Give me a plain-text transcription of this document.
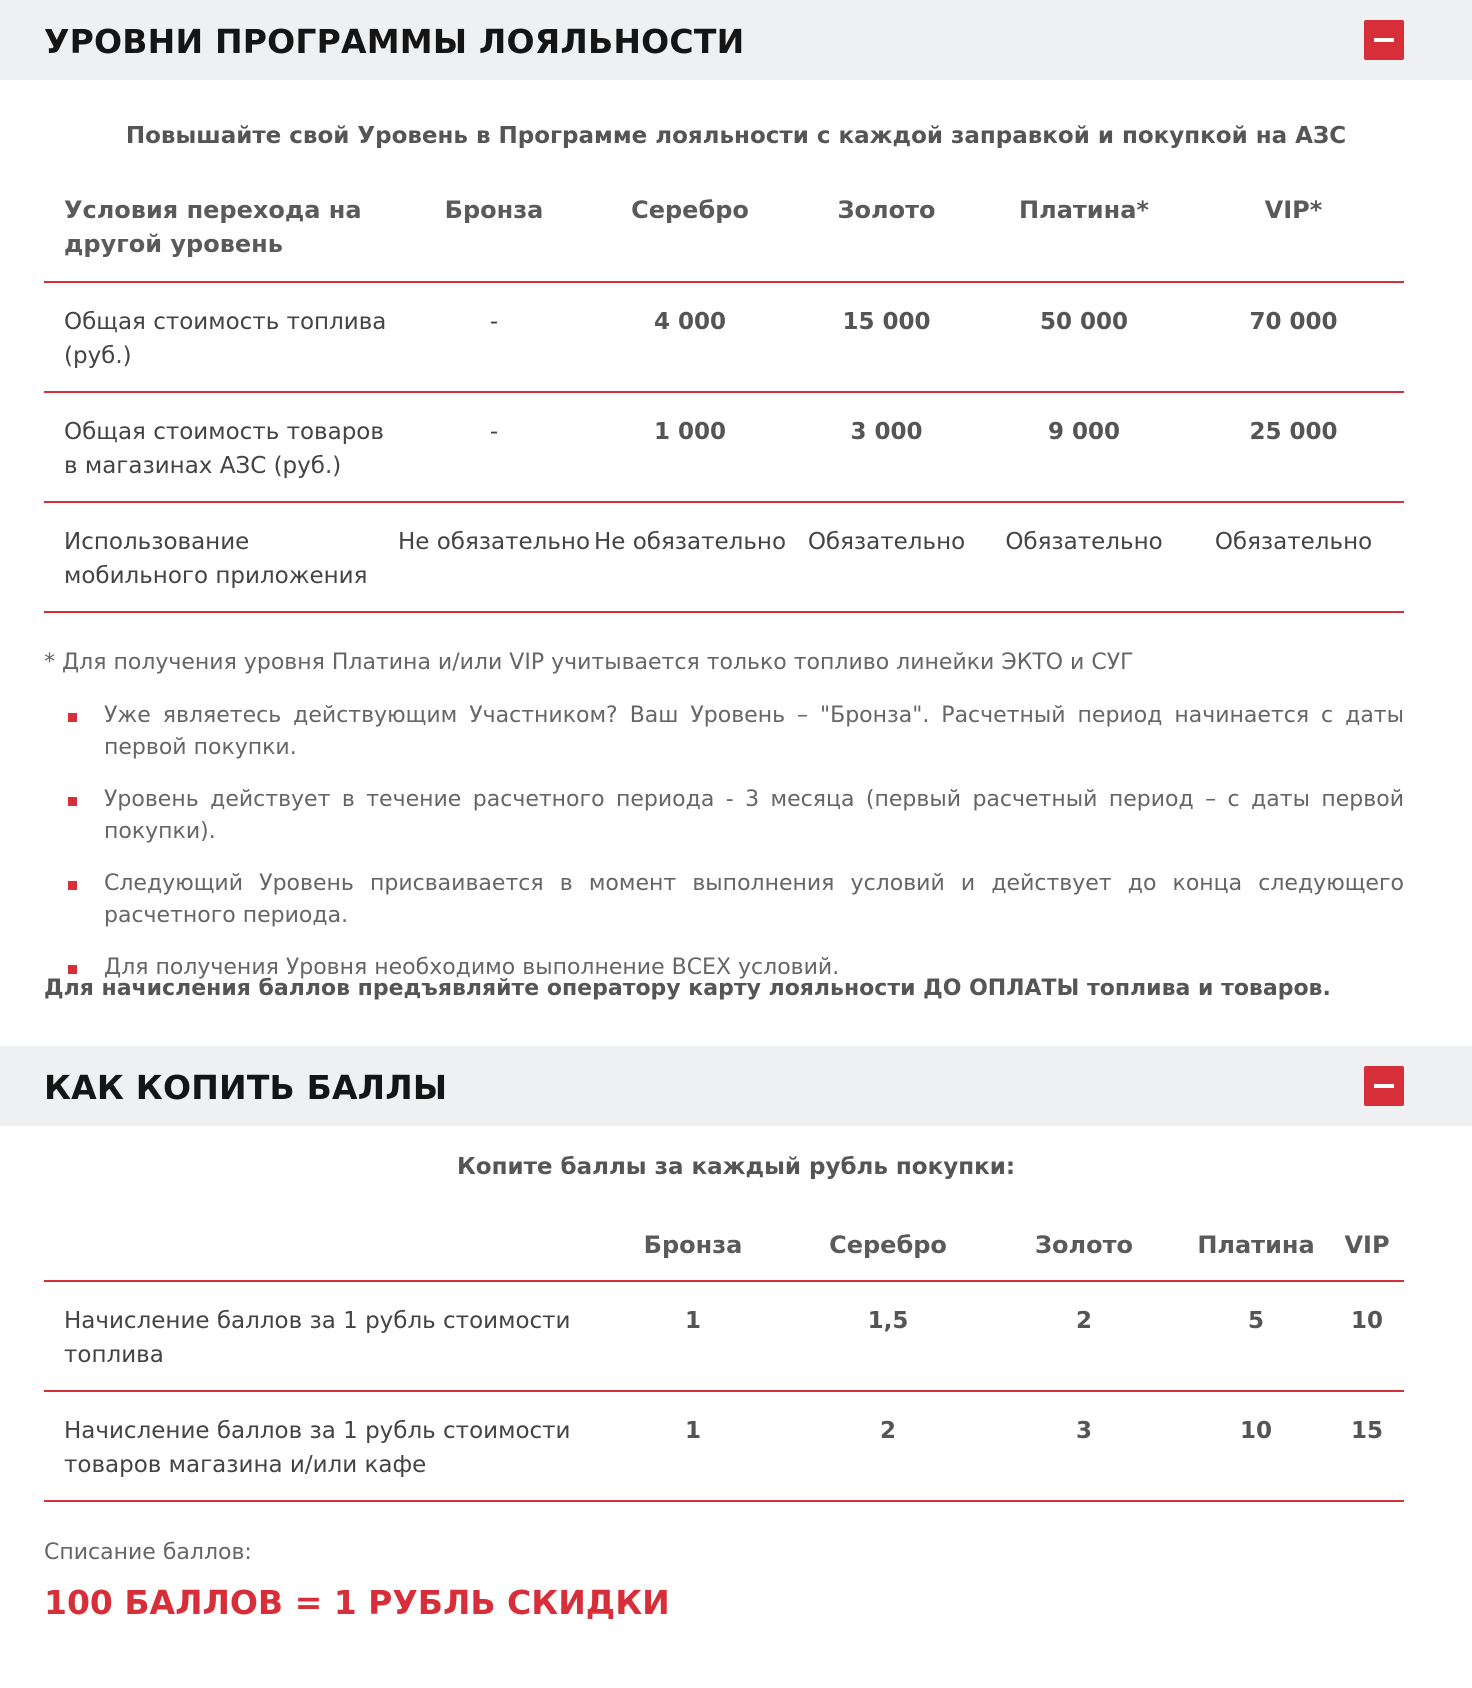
УРОВНИ ПРОГРАММЫ ЛОЯЛЬНОСТИ

Повышайте свой Уровень в Программе лояльности с каждой заправкой и покупкой на АЗС

Условия перехода на другой уровень	Бронза	Серебро	Золото	Платина*	VIP*
Общая стоимость топлива (руб.)	-	4 000	15 000	50 000	70 000
Общая стоимость товаров в магазинах АЗС (руб.)	-	1 000	3 000	9 000	25 000
Использование мобильного приложения	Не обязательно	Не обязательно	Обязательно	Обязательно	Обязательно

* Для получения уровня Платина и/или VIP учитывается только топливо линейки ЭКТО и СУГ

Уже являетесь действующим Участником? Ваш Уровень – "Бронза". Расчетный период начинается с даты первой покупки.
Уровень действует в течение расчетного периода - 3 месяца (первый расчетный период – с даты первой покупки).
Следующий Уровень присваивается в момент выполнения условий и действует до конца следующего расчетного периода.
Для получения Уровня необходимо выполнение ВСЕХ условий.

Для начисления баллов предъявляйте оператору карту лояльности ДО ОПЛАТЫ топлива и товаров.

КАК КОПИТЬ БАЛЛЫ

Копите баллы за каждый рубль покупки:

	Бронза	Серебро	Золото	Платина	VIP
Начисление баллов за 1 рубль стоимости топлива	1	1,5	2	5	10
Начисление баллов за 1 рубль стоимости товаров магазина и/или кафе	1	2	3	10	15

Списание баллов:

100 БАЛЛОВ = 1 РУБЛЬ СКИДКИ
